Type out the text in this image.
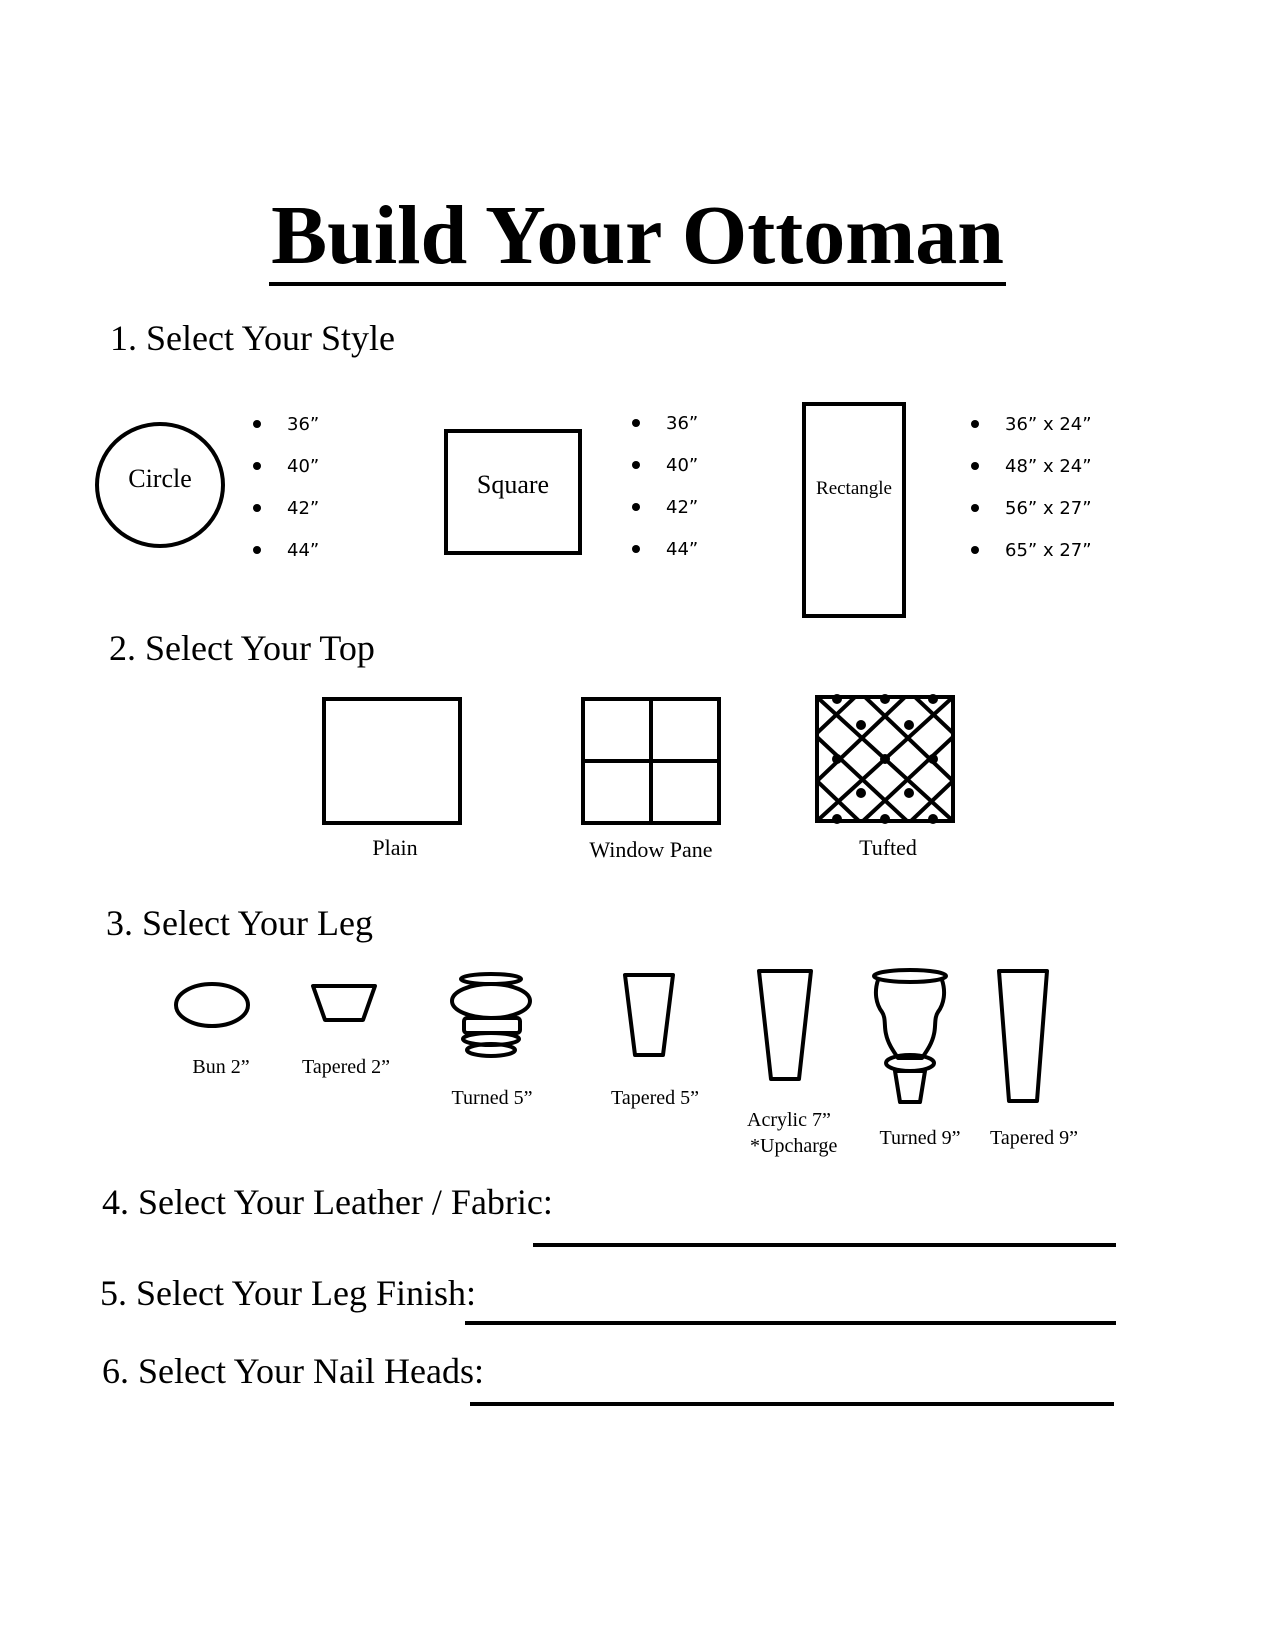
Build Your Ottoman
1. Select Your Style
Circle
36”
40”
42”
44”
Square
36”
40”
42”
44”
Rectangle
36” x 24”
48” x 24”
56” x 27”
65” x 27”
2. Select Your Top
Plain	Window Pane	Tufted
3. Select Your Leg
Bun 2”	Tapered 2”
Turned 5”	Tapered 5”
Acrylic 7”
*Upcharge	Turned 9”	Tapered 9”
4. Select Your Leather / Fabric:
5. Select Your Leg Finish:
6. Select Your Nail Heads:
